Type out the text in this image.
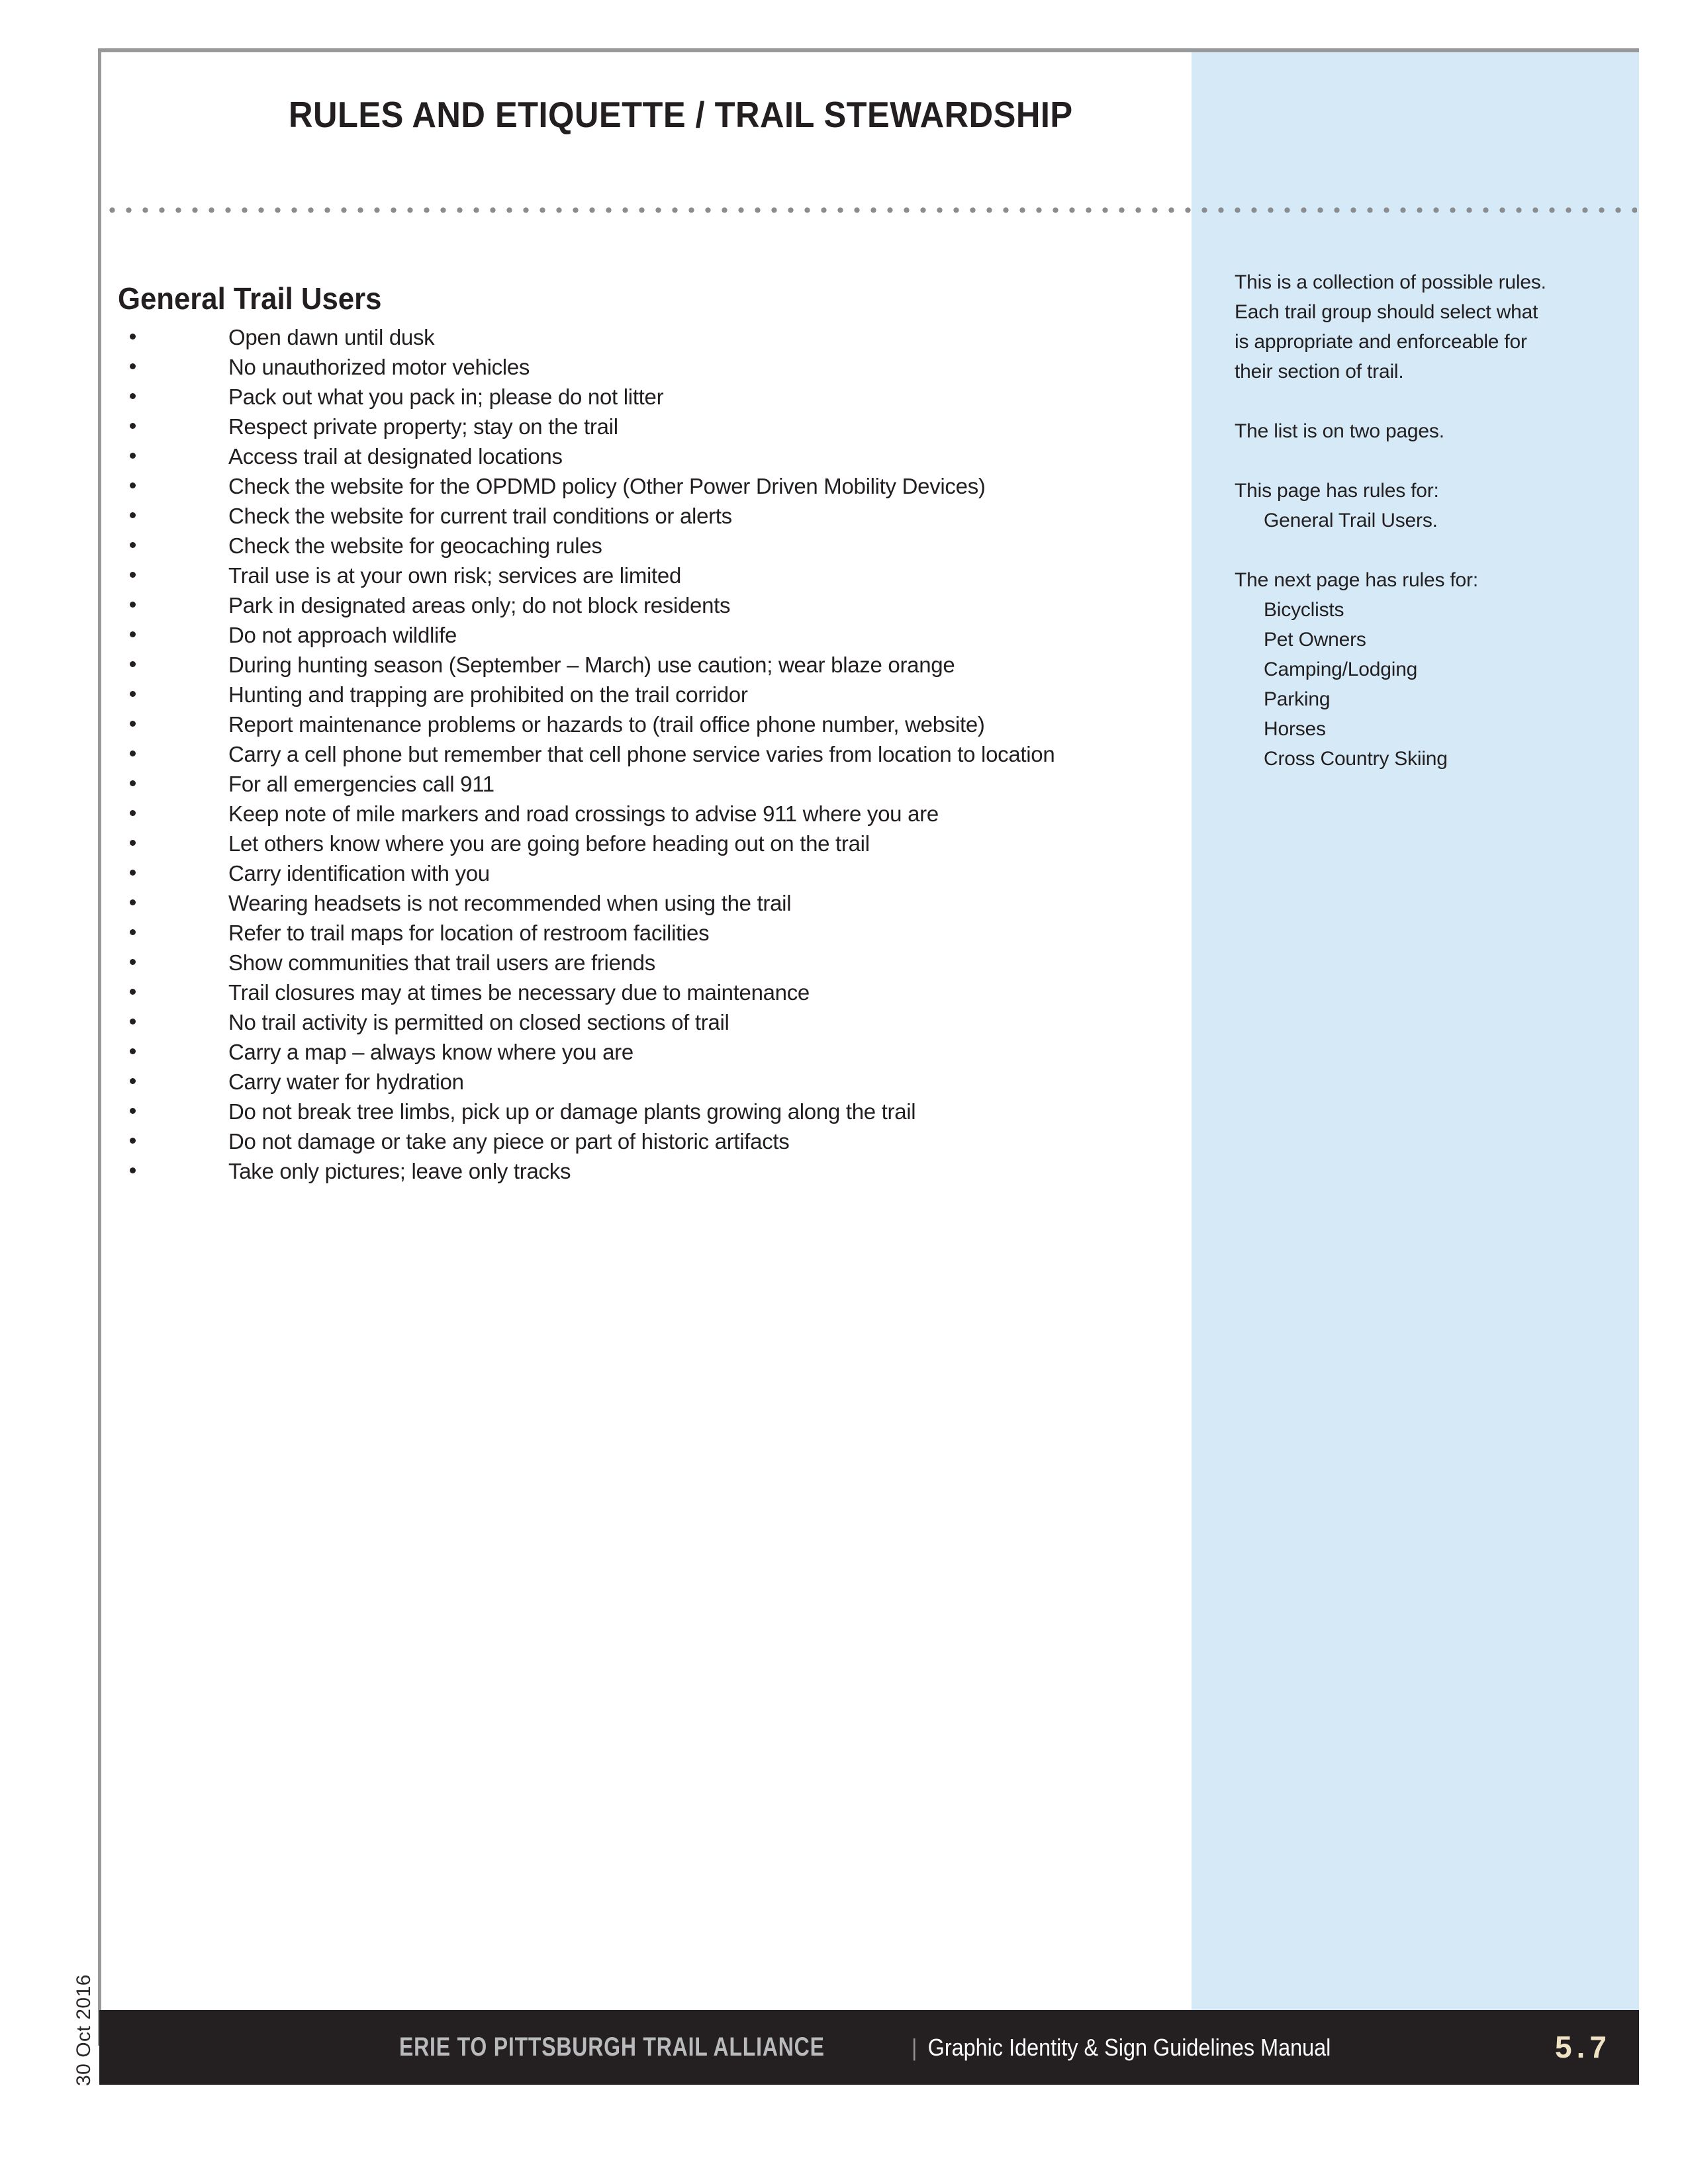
RULES AND ETIQUETTE / TRAIL STEWARDSHIP
General Trail Users
Open dawn until dusk
No unauthorized motor vehicles
Pack out what you pack in; please do not litter
Respect private property; stay on the trail
Access trail at designated locations
Check the website for the OPDMD policy (Other Power Driven Mobility Devices)
Check the website for current trail conditions or alerts
Check the website for geocaching rules
Trail use is at your own risk; services are limited
Park in designated areas only; do not block residents
Do not approach wildlife
During hunting season (September – March) use caution; wear blaze orange
Hunting and trapping are prohibited on the trail corridor
Report maintenance problems or hazards to (trail office phone number, website)
Carry a cell phone but remember that cell phone service varies from location to location
For all emergencies call 911
Keep note of mile markers and road crossings to advise 911 where you are
Let others know where you are going before heading out on the trail
Carry identification with you
Wearing headsets is not recommended when using the trail
Refer to trail maps for location of restroom facilities
Show communities that trail users are friends
Trail closures may at times be necessary due to maintenance
No trail activity is permitted on closed sections of trail
Carry a map – always know where you are
Carry water for hydration
Do not break tree limbs, pick up or damage plants growing along the trail
Do not damage or take any piece or part of historic artifacts
Take only pictures; leave only tracks
This is a collection of possible rules.
Each trail group should select what
is appropriate and enforceable for
their section of trail.
The list is on two pages.
This page has rules for:
General Trail Users.
The next page has rules for:
Bicyclists
Pet Owners
Camping/Lodging
Parking
Horses
Cross Country Skiing
ERIE TO PITTSBURGH TRAIL ALLIANCE	| Graphic Identity & Sign Guidelines Manual	5.7
30 Oct 2016
